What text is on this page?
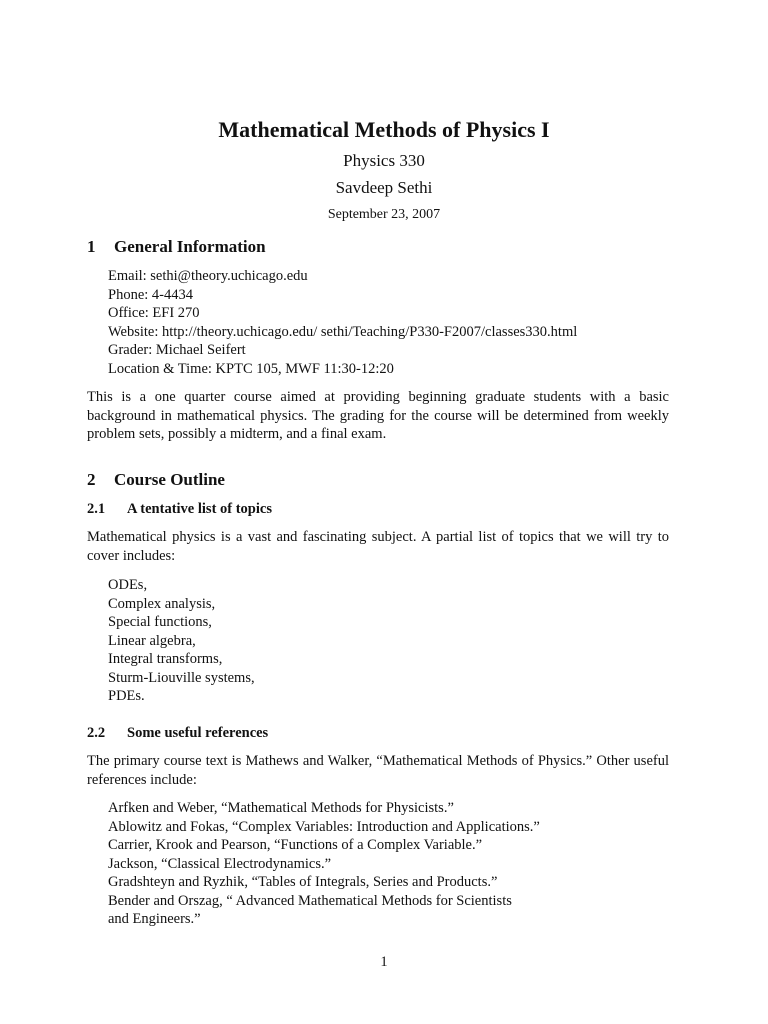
Mathematical Methods of Physics I
Physics 330
Savdeep Sethi
September 23, 2007
1 General Information
Email: sethi@theory.uchicago.edu
Phone: 4-4434
Office: EFI 270
Website: http://theory.uchicago.edu/ sethi/Teaching/P330-F2007/classes330.html
Grader: Michael Seifert
Location & Time: KPTC 105, MWF 11:30-12:20
This is a one quarter course aimed at providing beginning graduate students with a basic background in mathematical physics. The grading for the course will be determined from weekly problem sets, possibly a midterm, and a final exam.
2 Course Outline
2.1 A tentative list of topics
Mathematical physics is a vast and fascinating subject. A partial list of topics that we will try to cover includes:
ODEs,
Complex analysis,
Special functions,
Linear algebra,
Integral transforms,
Sturm-Liouville systems,
PDEs.
2.2 Some useful references
The primary course text is Mathews and Walker, “Mathematical Methods of Physics.” Other useful references include:
Arfken and Weber, “Mathematical Methods for Physicists.”
Ablowitz and Fokas, “Complex Variables: Introduction and Applications.”
Carrier, Krook and Pearson, “Functions of a Complex Variable.”
Jackson, “Classical Electrodynamics.”
Gradshteyn and Ryzhik, “Tables of Integrals, Series and Products.”
Bender and Orszag, “ Advanced Mathematical Methods for Scientists
and Engineers.”
1
